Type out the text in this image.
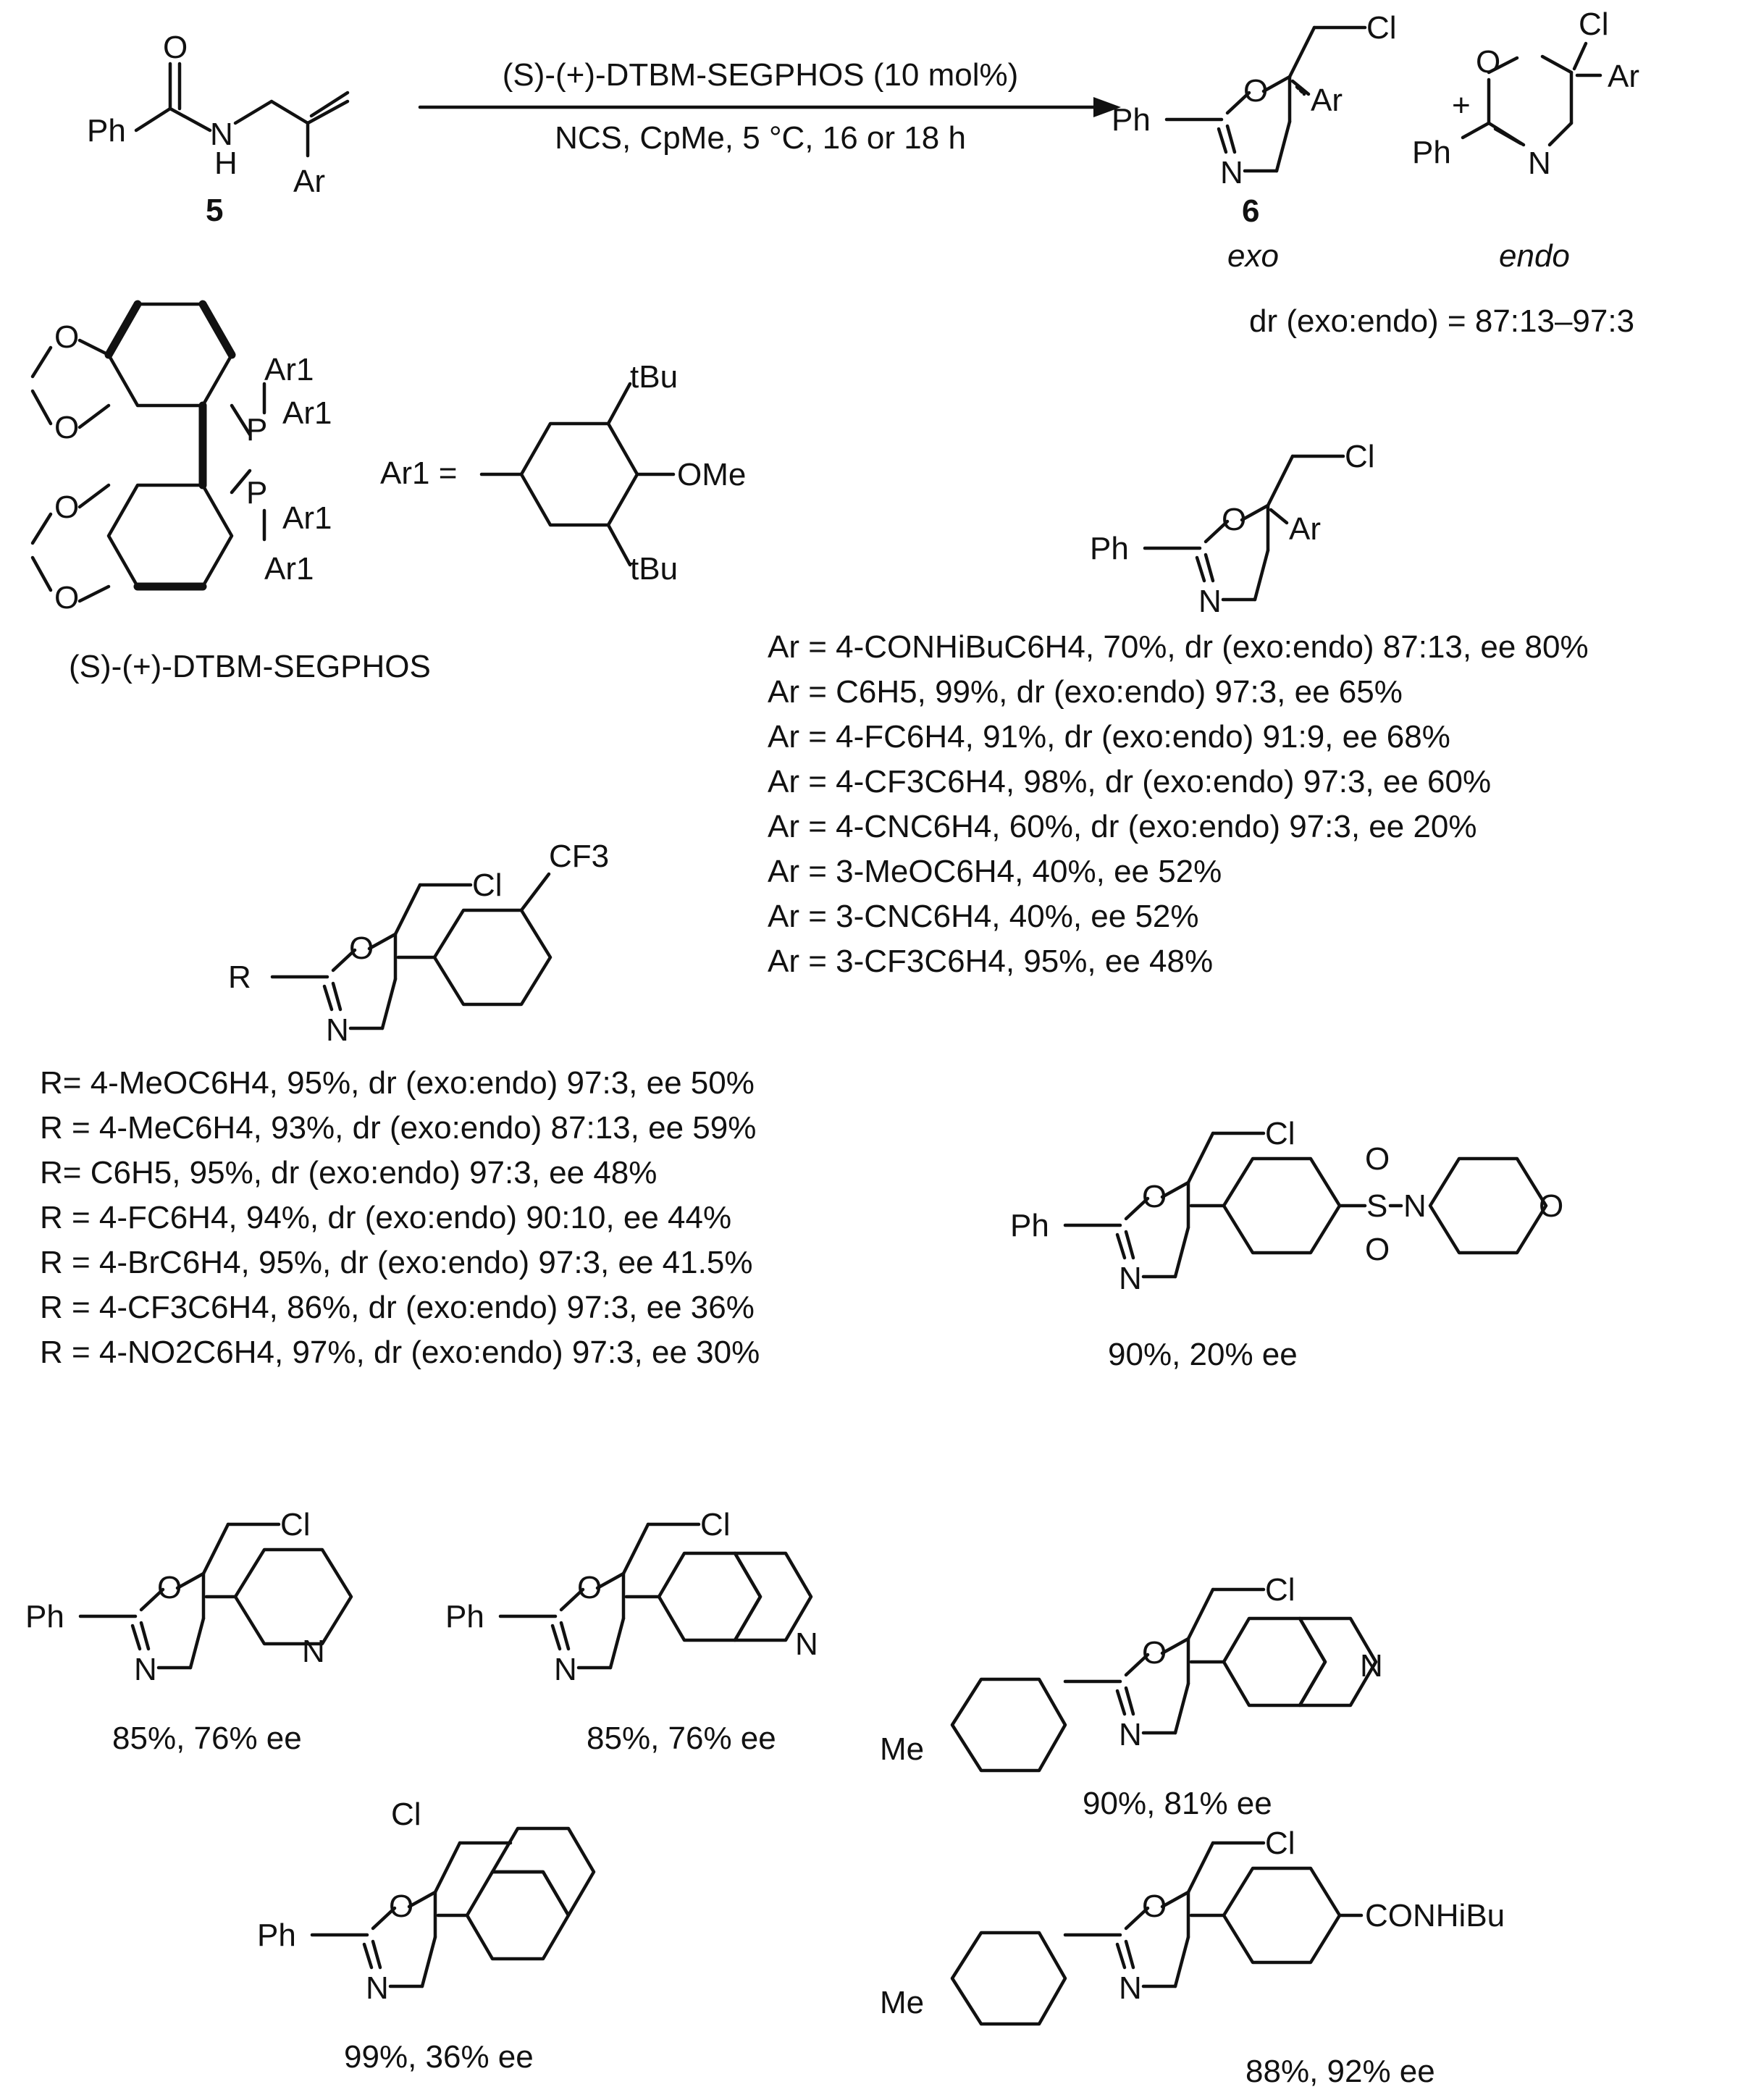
Ph
O
N
H
Ar
5
(S)-(+)-DTBM-SEGPHOS (10 mol%)
NCS, CpMe, 5 °C, 16 or 18 h
Ph
O
N
Cl
Ar
6
exo
+
Ph
O
N
Cl
Ar
endo
dr (exo:endo) = 87:13–97:3
O
O
O
O
P
P
Ar1
Ar1
Ar1
Ar1
(S)-(+)-DTBM-SEGPHOS
Ar1 =
tBu
OMe
tBu
Ph
O
N
Cl
Ar
Ar = 4-CONHiBuC6H4, 70%, dr (exo:endo) 87:13, ee 80%
Ar = C6H5, 99%, dr (exo:endo) 97:3, ee 65%
Ar = 4-FC6H4, 91%, dr (exo:endo) 91:9, ee 68%
Ar = 4-CF3C6H4, 98%, dr (exo:endo) 97:3, ee 60%
Ar = 4-CNC6H4, 60%, dr (exo:endo) 97:3, ee 20%
Ar = 3-MeOC6H4, 40%, ee 52%
Ar = 3-CNC6H4, 40%, ee 52%
Ar = 3-CF3C6H4, 95%, ee 48%
R
O
N
Cl
CF3
R= 4-MeOC6H4, 95%, dr (exo:endo) 97:3, ee 50%
R = 4-MeC6H4, 93%, dr (exo:endo) 87:13, ee 59%
R= C6H5, 95%, dr (exo:endo) 97:3, ee 48%
R = 4-FC6H4, 94%, dr (exo:endo) 90:10, ee 44%
R = 4-BrC6H4, 95%, dr (exo:endo) 97:3, ee 41.5%
R = 4-CF3C6H4, 86%, dr (exo:endo) 97:3, ee 36%
R = 4-NO2C6H4, 97%, dr (exo:endo) 97:3, ee 30%
Ph
O
N
Cl
S
O
O
N	O
90%, 20% ee
Ph
O
N
Cl
N
85%, 76% ee
Ph
O
N
Cl
N
85%, 76% ee	Me
O
N
Cl
N
90%, 81% ee
Ph
O
N
Cl
99%, 36% ee
Me
O
N
Cl
CONHiBu
88%, 92% ee
